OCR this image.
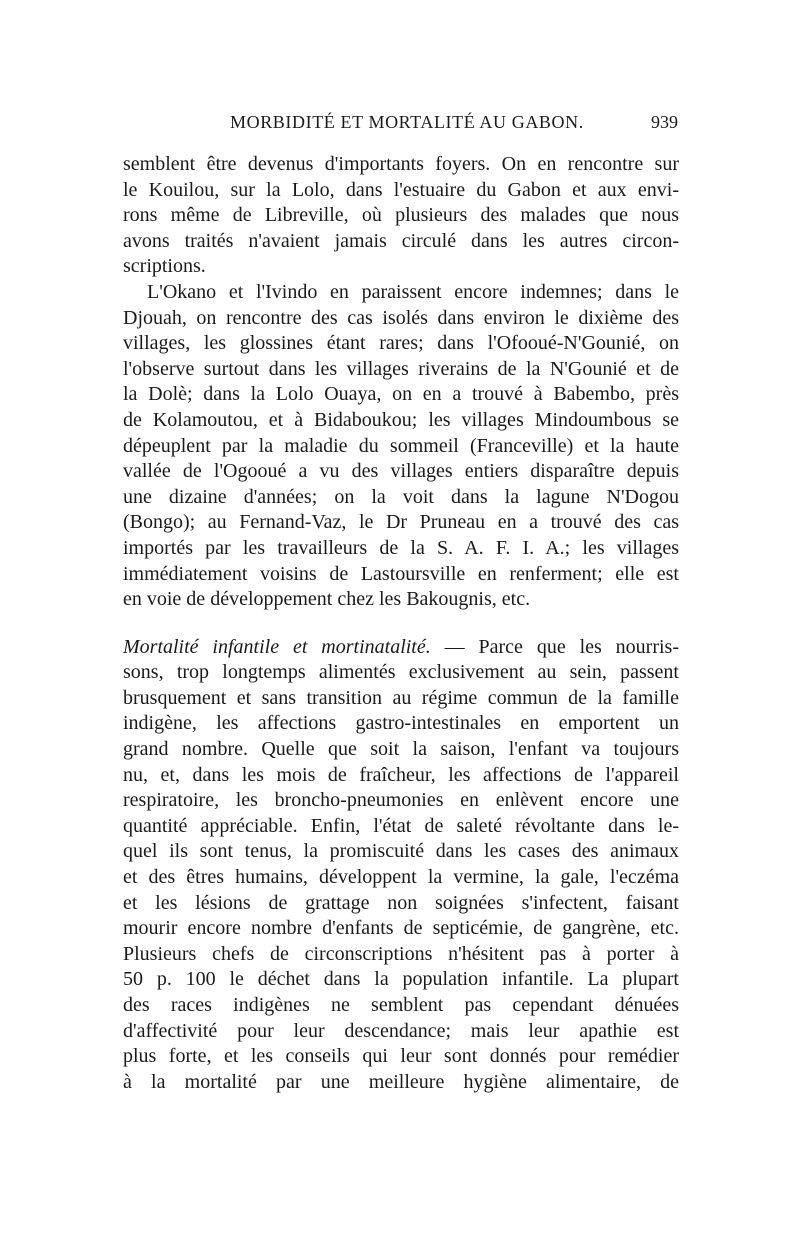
MORBIDITÉ ET MORTALITÉ AU GABON.	939
semblent être devenus d'importants foyers. On en rencontre sur
le Kouilou, sur la Lolo, dans l'estuaire du Gabon et aux envi-
rons même de Libreville, où plusieurs des malades que nous
avons traités n'avaient jamais circulé dans les autres circon-
scriptions.
L'Okano et l'Ivindo en paraissent encore indemnes; dans le
Djouah, on rencontre des cas isolés dans environ le dixième des
villages, les glossines étant rares; dans l'Ofooué-N'Gounié, on
l'observe surtout dans les villages riverains de la N'Gounié et de
la Dolè; dans la Lolo Ouaya, on en a trouvé à Babembo, près
de Kolamoutou, et à Bidaboukou; les villages Mindoumbous se
dépeuplent par la maladie du sommeil (Franceville) et la haute
vallée de l'Ogooué a vu des villages entiers disparaître depuis
une dizaine d'années; on la voit dans la lagune N'Dogou
(Bongo); au Fernand-Vaz, le Dr Pruneau en a trouvé des cas
importés par les travailleurs de la S. A. F. I. A.; les villages
immédiatement voisins de Lastoursville en renferment; elle est
en voie de développement chez les Bakougnis, etc.
Mortalité infantile et mortinatalité. — Parce que les nourris-
sons, trop longtemps alimentés exclusivement au sein, passent
brusquement et sans transition au régime commun de la famille
indigène, les affections gastro-intestinales en emportent un
grand nombre. Quelle que soit la saison, l'enfant va toujours
nu, et, dans les mois de fraîcheur, les affections de l'appareil
respiratoire, les broncho-pneumonies en enlèvent encore une
quantité appréciable. Enfin, l'état de saleté révoltante dans le-
quel ils sont tenus, la promiscuité dans les cases des animaux
et des êtres humains, développent la vermine, la gale, l'eczéma
et les lésions de grattage non soignées s'infectent, faisant
mourir encore nombre d'enfants de septicémie, de gangrène, etc.
Plusieurs chefs de circonscriptions n'hésitent pas à porter à
50 p. 100 le déchet dans la population infantile. La plupart
des races indigènes ne semblent pas cependant dénuées
d'affectivité pour leur descendance; mais leur apathie est
plus forte, et les conseils qui leur sont donnés pour remédier
à la mortalité par une meilleure hygiène alimentaire, de
